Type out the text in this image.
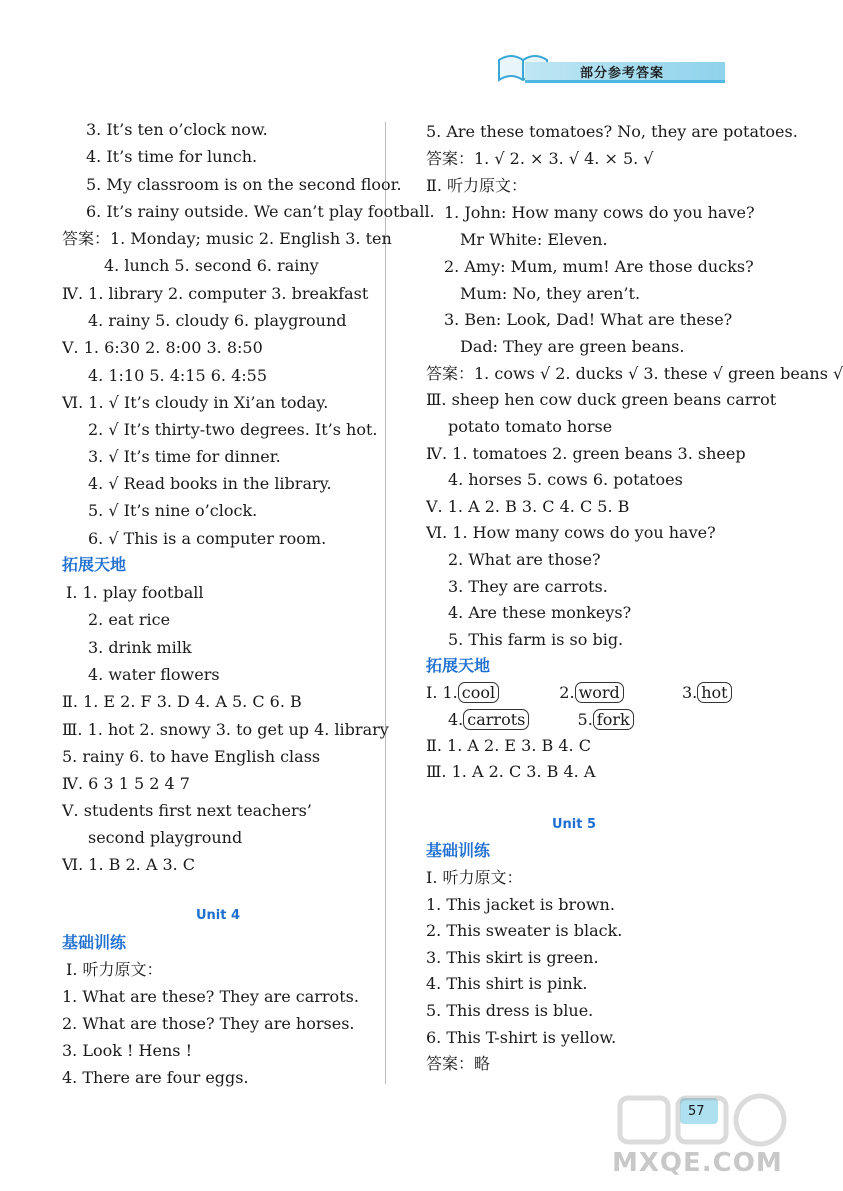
部分参考答案
3. It’s ten o’clock now.
4. It’s time for lunch.
5. My classroom is on the second floor.
6. It’s rainy outside. We can’t play football.
答案：1. Monday; music 2. English 3. ten
4. lunch 5. second 6. rainy
Ⅳ. 1. library 2. computer 3. breakfast
4. rainy 5. cloudy 6. playground
Ⅴ. 1. 6:30 2. 8:00 3. 8:50
4. 1:10 5. 4:15 6. 4:55
Ⅵ. 1. √ It’s cloudy in Xi’an today.
2. √ It’s thirty-two degrees. It’s hot.
3. √ It’s time for dinner.
4. √ Read books in the library.
5. √ It’s nine o’clock.
6. √ This is a computer room.
拓展天地
Ⅰ. 1. play football
2. eat rice
3. drink milk
4. water flowers
Ⅱ. 1. E 2. F 3. D 4. A 5. C 6. B
Ⅲ. 1. hot 2. snowy 3. to get up 4. library
5. rainy 6. to have English class
Ⅳ. 6 3 1 5 2 4 7
Ⅴ. students first next teachers’
second playground
Ⅵ. 1. B 2. A 3. C
Unit 4
基础训练
Ⅰ. 听力原文：
1. What are these? They are carrots.
2. What are those? They are horses.
3. Look ! Hens !
4. There are four eggs.
5. Are these tomatoes? No, they are potatoes.
答案：1. √ 2. × 3. √ 4. × 5. √
Ⅱ. 听力原文：
1. John: How many cows do you have?
Mr White: Eleven.
2. Amy: Mum, mum! Are those ducks?
Mum: No, they aren’t.
3. Ben: Look, Dad! What are these?
Dad: They are green beans.
答案：1. cows √ 2. ducks √ 3. these √ green beans √
Ⅲ. sheep hen cow duck green beans carrot
potato tomato horse
Ⅳ. 1. tomatoes 2. green beans 3. sheep
4. horses 5. cows 6. potatoes
Ⅴ. 1. A 2. B 3. C 4. C 5. B
Ⅵ. 1. How many cows do you have?
2. What are those?
3. They are carrots.
4. Are these monkeys?
5. This farm is so big.
拓展天地
Ⅰ. 1. cool	2. word	3. hot
4. carrots	5. fork
Ⅱ. 1. A 2. E 3. B 4. C
Ⅲ. 1. A 2. C 3. B 4. A
Unit 5
基础训练
Ⅰ. 听力原文：
1. This jacket is brown.
2. This sweater is black.
3. This skirt is green.
4. This shirt is pink.
5. This dress is blue.
6. This T-shirt is yellow.
答案：略
57
MXQE.COM
